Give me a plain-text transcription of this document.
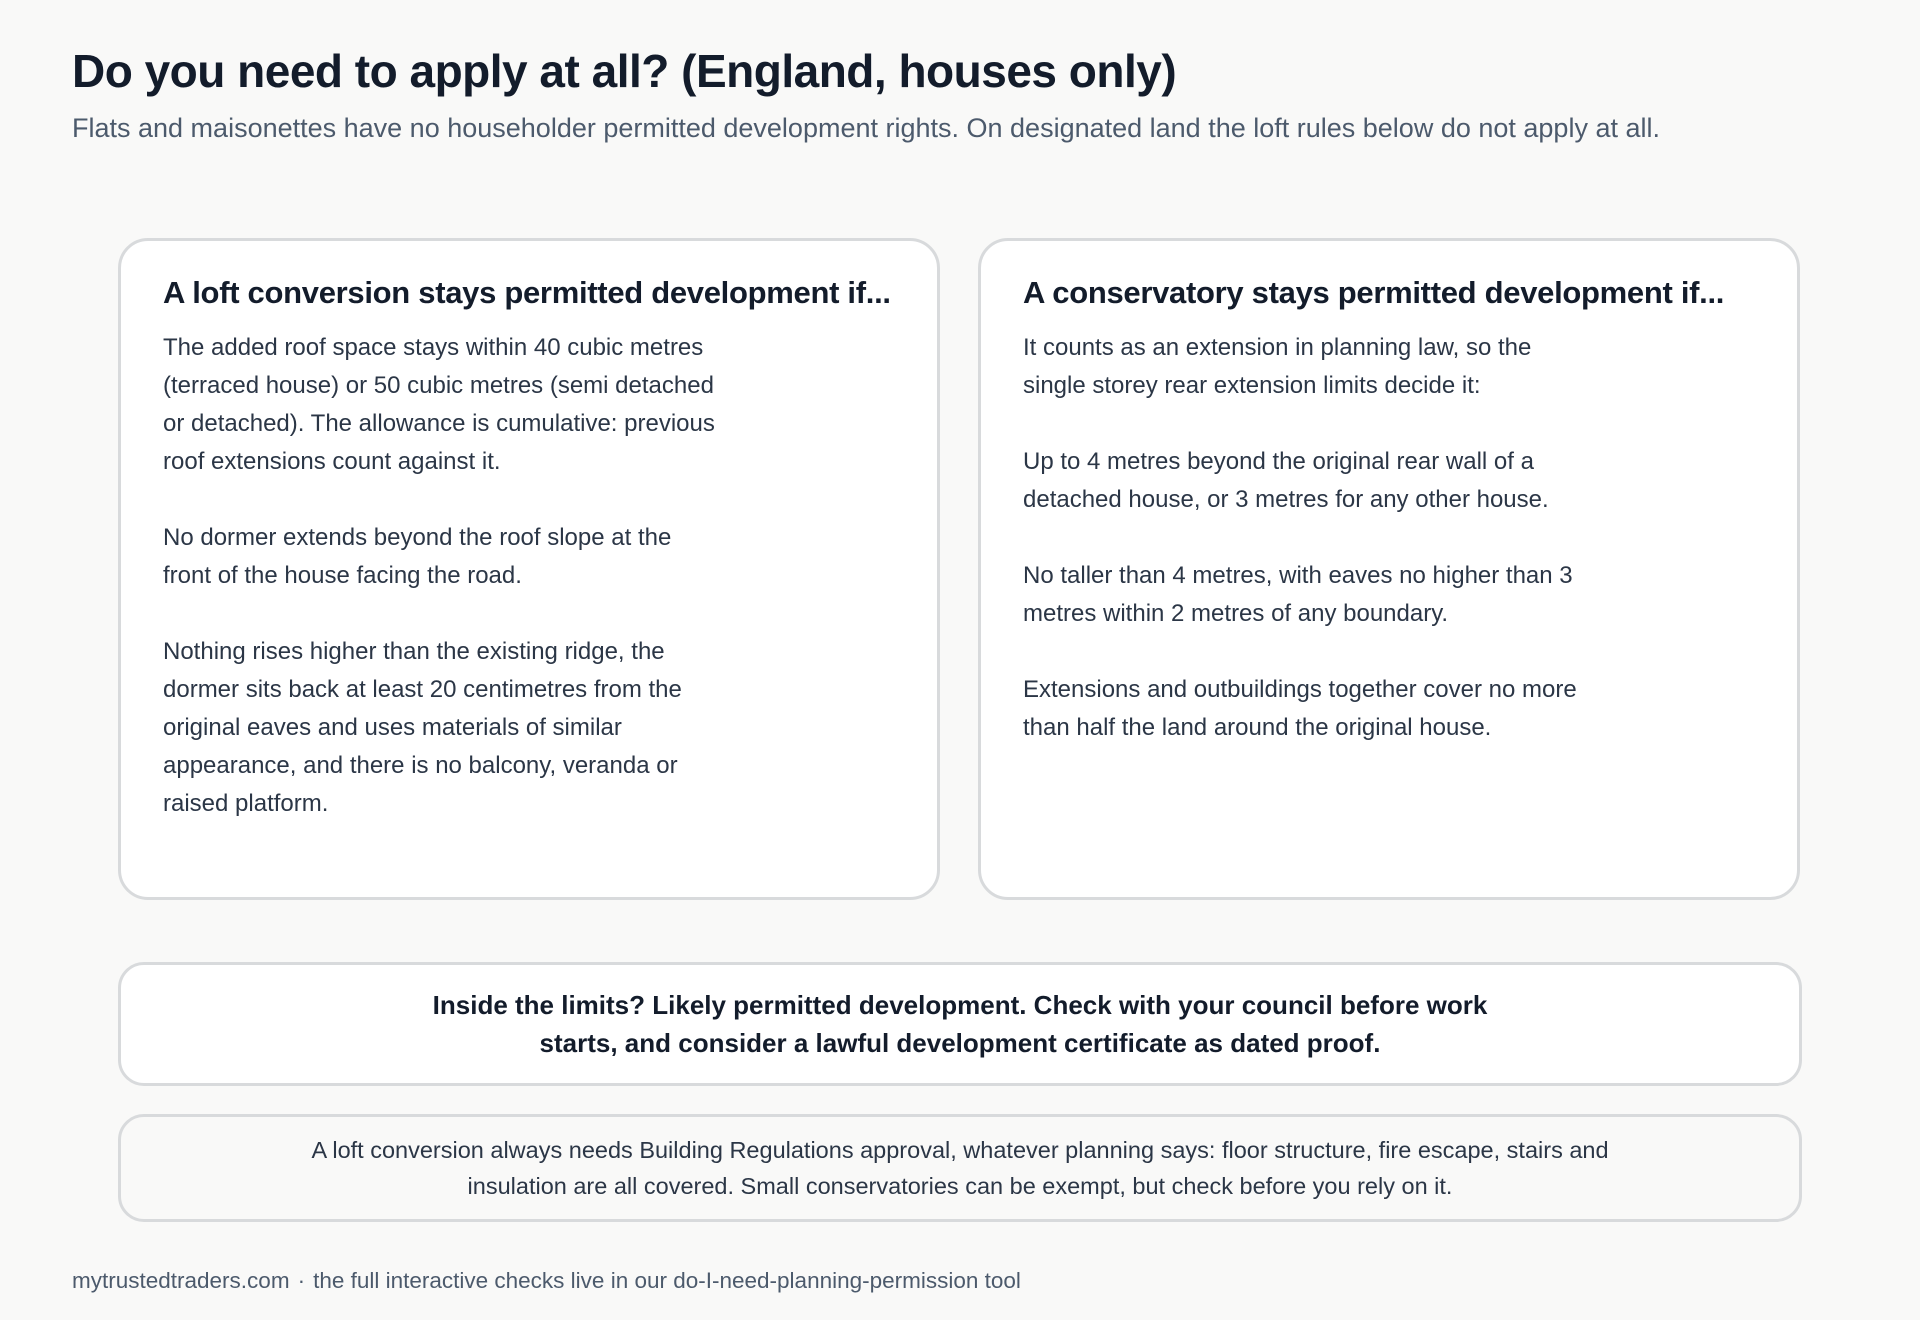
Do you need to apply at all? (England, houses only)

Flats and maisonettes have no householder permitted development rights. On designated land the loft rules below do not apply at all.

A loft conversion stays permitted development if...

The added roof space stays within 40 cubic metres (terraced house) or 50 cubic metres (semi detached or detached). The allowance is cumulative: previous roof extensions count against it.

No dormer extends beyond the roof slope at the front of the house facing the road.

Nothing rises higher than the existing ridge, the dormer sits back at least 20 centimetres from the original eaves and uses materials of similar appearance, and there is no balcony, veranda or raised platform.

A conservatory stays permitted development if...

It counts as an extension in planning law, so the single storey rear extension limits decide it:

Up to 4 metres beyond the original rear wall of a detached house, or 3 metres for any other house.

No taller than 4 metres, with eaves no higher than 3 metres within 2 metres of any boundary.

Extensions and outbuildings together cover no more than half the land around the original house.

Inside the limits? Likely permitted development. Check with your council before work starts, and consider a lawful development certificate as dated proof.

A loft conversion always needs Building Regulations approval, whatever planning says: floor structure, fire escape, stairs and insulation are all covered. Small conservatories can be exempt, but check before you rely on it.

mytrustedtraders.com · the full interactive checks live in our do-I-need-planning-permission tool
